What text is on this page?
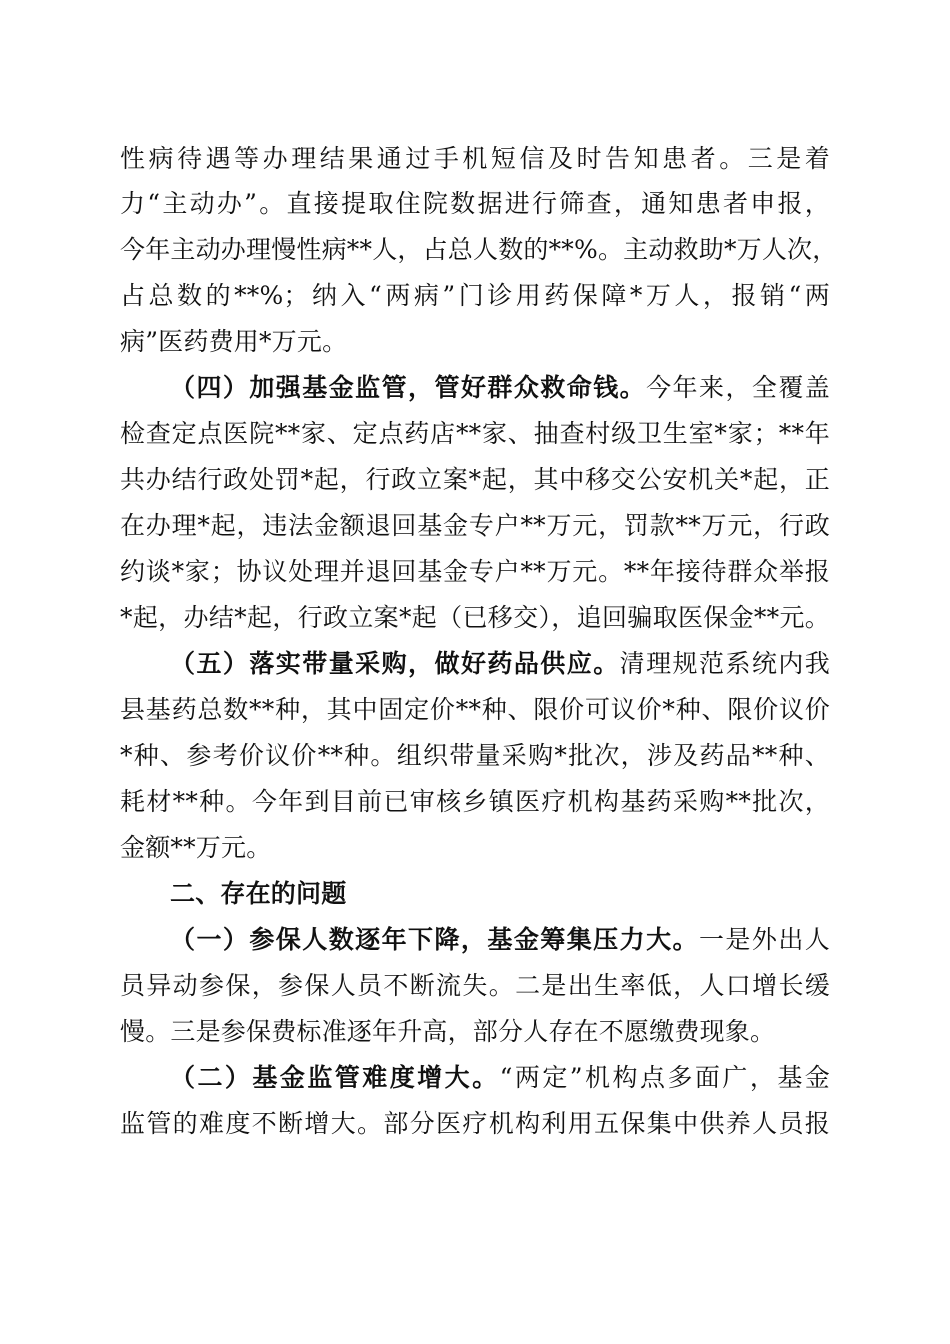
性病待遇等办理结果通过手机短信及时告知患者。三是着
力“主动办”。直接提取住院数据进行筛查，通知患者申报，
今年主动办理慢性病**人，占总人数的**%。主动救助*万人次，
占总数的**%；纳入“两病”门诊用药保障*万人，报销“两
病”医药费用*万元。
（四）加强基金监管，管好群众救命钱。今年来，全覆盖
检查定点医院**家、定点药店**家、抽查村级卫生室*家；**年
共办结行政处罚*起，行政立案*起，其中移交公安机关*起，正
在办理*起，违法金额退回基金专户**万元，罚款**万元，行政
约谈*家；协议处理并退回基金专户**万元。**年接待群众举报
*起，办结*起，行政立案*起（已移交），追回骗取医保金**元。
（五）落实带量采购，做好药品供应。清理规范系统内我
县基药总数**种，其中固定价**种、限价可议价*种、限价议价
*种、参考价议价**种。组织带量采购*批次，涉及药品**种、
耗材**种。今年到目前已审核乡镇医疗机构基药采购**批次，
金额**万元。
二、存在的问题
（一）参保人数逐年下降，基金筹集压力大。一是外出人
员异动参保，参保人员不断流失。二是出生率低，人口增长缓
慢。三是参保费标准逐年升高，部分人存在不愿缴费现象。
（二）基金监管难度增大。“两定”机构点多面广，基金
监管的难度不断增大。部分医疗机构利用五保集中供养人员报
